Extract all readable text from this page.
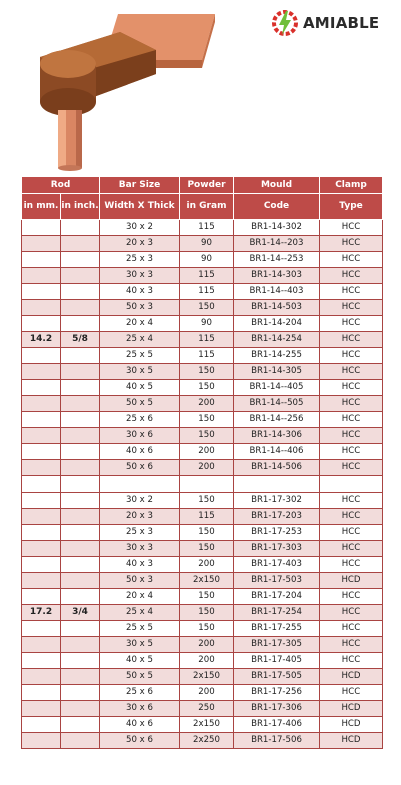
AMIABLE
Rod		Bar Size	Powder	Mould	Clamp
in mm.	in inch.	Width X Thick	in Gram	Code	Type
		30 x 2	115	BR1-14-302	HCC
		20 x 3	90	BR1-14--203	HCC
		25 x 3	90	BR1-14--253	HCC
		30 x 3	115	BR1-14-303	HCC
		40 x 3	115	BR1-14--403	HCC
		50 x 3	150	BR1-14-503	HCC
		20 x 4	90	BR1-14-204	HCC
14.2	5/8	25 x 4	115	BR1-14-254	HCC
		25 x 5	115	BR1-14-255	HCC
		30 x 5	150	BR1-14-305	HCC
		40 x 5	150	BR1-14--405	HCC
		50 x 5	200	BR1-14--505	HCC
		25 x 6	150	BR1-14--256	HCC
		30 x 6	150	BR1-14-306	HCC
		40 x 6	200	BR1-14--406	HCC
		50 x 6	200	BR1-14-506	HCC

		30 x 2	150	BR1-17-302	HCC
		20 x 3	115	BR1-17-203	HCC
		25 x 3	150	BR1-17-253	HCC
		30 x 3	150	BR1-17-303	HCC
		40 x 3	200	BR1-17-403	HCC
		50 x 3	2x150	BR1-17-503	HCD
		20 x 4	150	BR1-17-204	HCC
17.2	3/4	25 x 4	150	BR1-17-254	HCC
		25 x 5	150	BR1-17-255	HCC
		30 x 5	200	BR1-17-305	HCC
		40 x 5	200	BR1-17-405	HCC
		50 x 5	2x150	BR1-17-505	HCD
		25 x 6	200	BR1-17-256	HCC
		30 x 6	250	BR1-17-306	HCD
		40 x 6	2x150	BR1-17-406	HCD
		50 x 6	2x250	BR1-17-506	HCD
